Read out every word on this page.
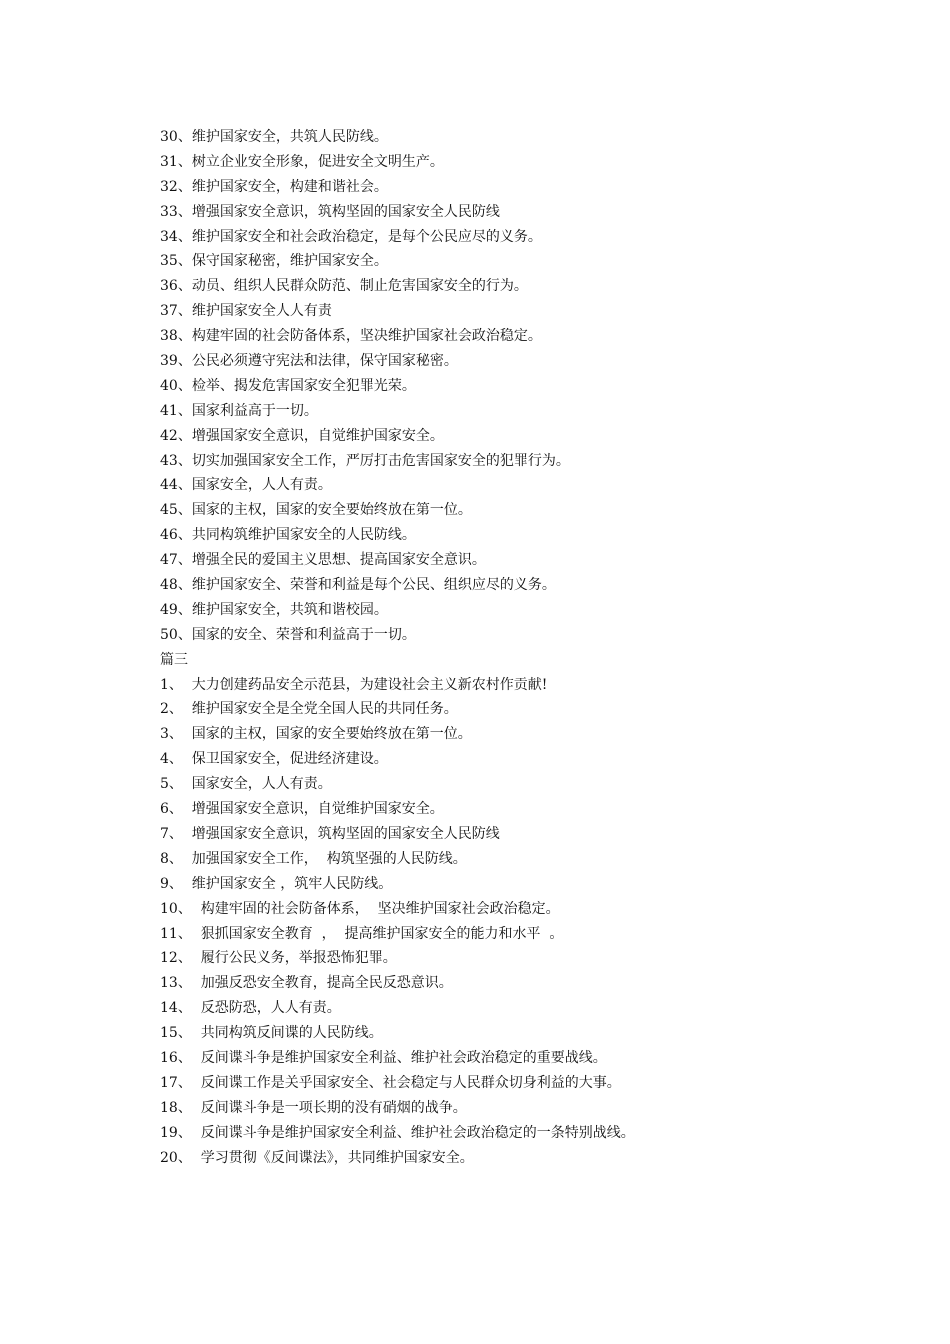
30、维护国家安全，共筑人民防线。
31、树立企业安全形象，促进安全文明生产。
32、维护国家安全，构建和谐社会。
33、增强国家安全意识，筑构坚固的国家安全人民防线
34、维护国家安全和社会政治稳定，是每个公民应尽的义务。
35、保守国家秘密，维护国家安全。
36、动员、组织人民群众防范、制止危害国家安全的行为。
37、维护国家安全人人有责
38、构建牢固的社会防备体系，坚决维护国家社会政治稳定。
39、公民必须遵守宪法和法律，保守国家秘密。
40、检举、揭发危害国家安全犯罪光荣。
41、国家利益高于一切。
42、增强国家安全意识，自觉维护国家安全。
43、切实加强国家安全工作，严厉打击危害国家安全的犯罪行为。
44、国家安全，人人有责。
45、国家的主权，国家的安全要始终放在第一位。
46、共同构筑维护国家安全的人民防线。
47、增强全民的爱国主义思想、提高国家安全意识。
48、维护国家安全、荣誉和利益是每个公民、组织应尽的义务。
49、维护国家安全，共筑和谐校园。
50、国家的安全、荣誉和利益高于一切。
篇三
1、  大力创建药品安全示范县，为建设社会主义新农村作贡献!
2、  维护国家安全是全党全国人民的共同任务。
3、  国家的主权，国家的安全要始终放在第一位。
4、  保卫国家安全，促进经济建设。
5、  国家安全，人人有责。
6、  增强国家安全意识，自觉维护国家安全。
7、  增强国家安全意识，筑构坚固的国家安全人民防线
8、  加强国家安全工作，  构筑坚强的人民防线。
9、  维护国家安全 ，筑牢人民防线。
10、  构建牢固的社会防备体系，  坚决维护国家社会政治稳定。
11、  狠抓国家安全教育  ，  提高维护国家安全的能力和水平  。
12、  履行公民义务，举报恐怖犯罪。
13、  加强反恐安全教育，提高全民反恐意识。
14、  反恐防恐，人人有责。
15、  共同构筑反间谍的人民防线。
16、  反间谍斗争是维护国家安全利益、维护社会政治稳定的重要战线。
17、  反间谍工作是关乎国家安全、社会稳定与人民群众切身利益的大事。
18、  反间谍斗争是一项长期的没有硝烟的战争。
19、  反间谍斗争是维护国家安全利益、维护社会政治稳定的一条特别战线。
20、  学习贯彻《反间谍法》，共同维护国家安全。
